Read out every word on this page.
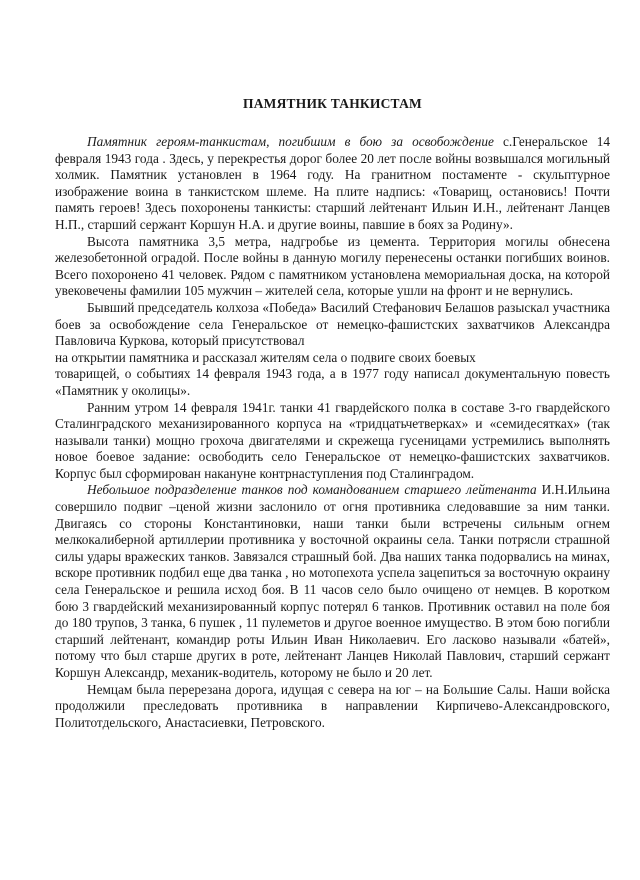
ПАМЯТНИК ТАНКИСТАМ

Памятник героям-танкистам, погибшим в бою за освобождение с.Генеральское 14 февраля 1943 года . Здесь, у перекрестья дорог более 20 лет после войны возвышался могильный холмик. Памятник установлен в 1964 году. На гранитном постаменте - скульптурное изображение воина в танкистском шлеме. На плите надпись: «Товарищ, остановись! Почти память героев! Здесь похоронены танкисты: старший лейтенант Ильин И.Н., лейтенант Ланцев Н.П., старший сержант Коршун Н.А. и другие воины, павшие в боях за Родину».

Высота памятника 3,5 метра, надгробье из цемента. Территория могилы обнесена железобетонной оградой. После войны в данную могилу перенесены останки погибших воинов. Всего похоронено 41 человек. Рядом с памятником установлена мемориальная доска, на которой увековечены фамилии 105 мужчин – жителей села, которые ушли на фронт и не вернулись.

Бывший председатель колхоза «Победа» Василий Стефанович Белашов разыскал участника боев за освобождение села Генеральское от немецко-фашистских захватчиков Александра Павловича Куркова, который присутствовал
на открытии памятника и рассказал жителям села о подвиге своих боевых
товарищей, о событиях 14 февраля 1943 года, а в 1977 году написал документальную повесть «Памятник у околицы».

Ранним утром 14 февраля 1941г. танки 41 гвардейского полка в составе 3-го гвардейского Сталинградского механизированного корпуса на «тридцатьчетверках» и «семидесятках» (так называли танки) мощно грохоча двигателями и скрежеща гусеницами устремились выполнять новое боевое задание: освободить село Генеральское от немецко-фашистских захватчиков. Корпус был сформирован накануне контрнаступления под Сталинградом.

Небольшое подразделение танков под командованием старшего лейтенанта И.Н.Ильина совершило подвиг –ценой жизни заслонило от огня противника следовавшие за ним танки. Двигаясь со стороны Константиновки, наши танки были встречены сильным огнем мелкокалиберной артиллерии противника у восточной окраины села. Танки потрясли страшной силы удары вражеских танков. Завязался страшный бой. Два наших танка подорвались на минах, вскоре противник подбил еще два танка , но мотопехота успела зацепиться за восточную окраину села Генеральское и решила исход боя. В 11 часов село было очищено от немцев. В коротком бою 3 гвардейский механизированный корпус потерял 6 танков. Противник оставил на поле боя до 180 трупов, 3 танка, 6 пушек , 11 пулеметов и другое военное имущество. В этом бою погибли старший лейтенант, командир роты Ильин Иван Николаевич. Его ласково называли «батей», потому что был старше других в роте, лейтенант Ланцев Николай Павлович, старший сержант Коршун Александр, механик-водитель, которому не было и 20 лет.

Немцам была перерезана дорога, идущая с севера на юг – на Большие Салы. Наши войска продолжили преследовать противника в направлении Кирпичево-Александровского, Политотдельского, Анастасиевки, Петровского.
